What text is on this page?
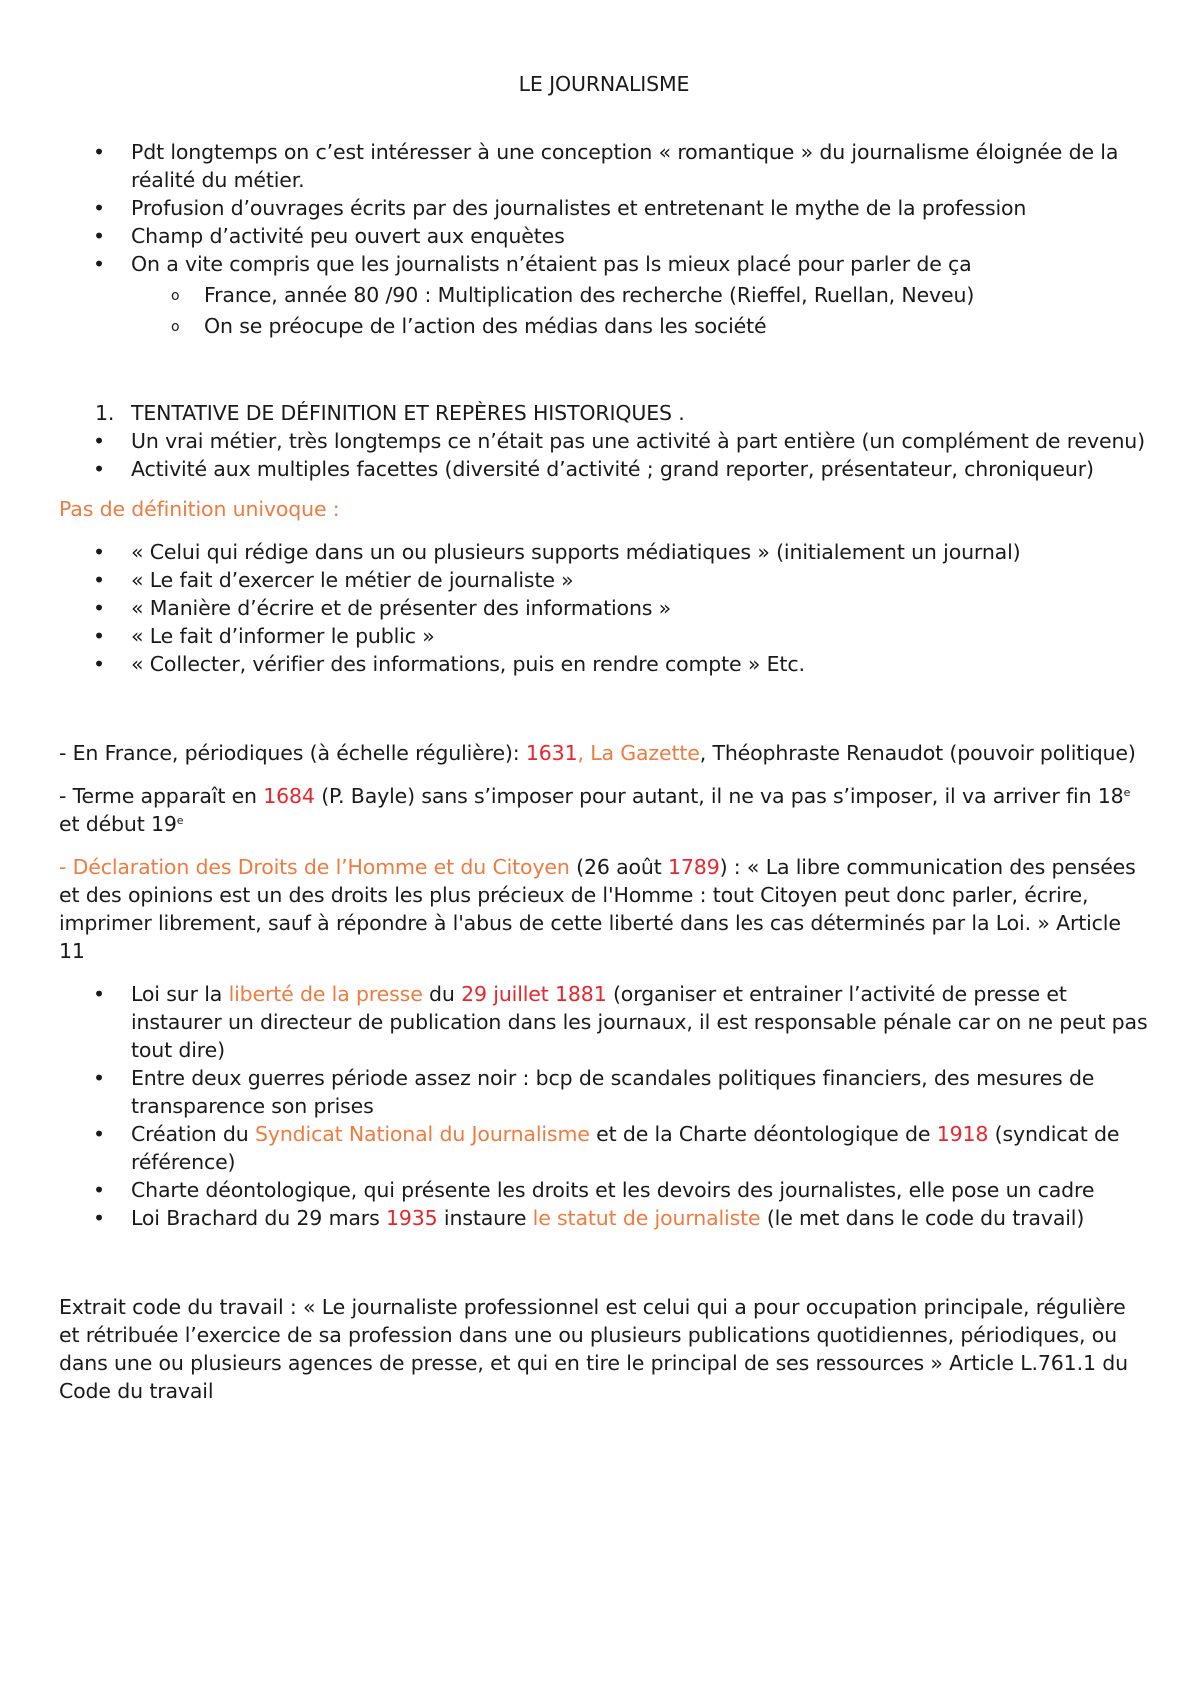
LE JOURNALISME
• Pdt longtemps on c’est intéresser à une conception « romantique » du journalisme éloignée de la réalité du métier.
• Profusion d’ouvrages écrits par des journalistes et entretenant le mythe de la profession
• Champ d’activité peu ouvert aux enquètes
• On a vite compris que les journalists n’étaient pas ls mieux placé pour parler de ça
o France, année 80 /90 : Multiplication des recherche (Rieffel, Ruellan, Neveu)
o On se préocupe de l’action des médias dans les société
1. TENTATIVE DE DÉFINITION ET REPÈRES HISTORIQUES .
• Un vrai métier, très longtemps ce n’était pas une activité à part entière (un complément de revenu)
• Activité aux multiples facettes (diversité d’activité ; grand reporter, présentateur, chroniqueur)

Pas de définition univoque :

• « Celui qui rédige dans un ou plusieurs supports médiatiques » (initialement un journal)
• « Le fait d’exercer le métier de journaliste »
• « Manière d’écrire et de présenter des informations »
• « Le fait d’informer le public »
• « Collecter, vérifier des informations, puis en rendre compte » Etc.

- En France, périodiques (à échelle régulière): 1631, La Gazette, Théophraste Renaudot (pouvoir politique)

- Terme apparaît en 1684 (P. Bayle) sans s’imposer pour autant, il ne va pas s’imposer, il va arriver fin 18e et début 19e

- Déclaration des Droits de l’Homme et du Citoyen (26 août 1789) : « La libre communication des pensées et des opinions est un des droits les plus précieux de l'Homme : tout Citoyen peut donc parler, écrire, imprimer librement, sauf à répondre à l'abus de cette liberté dans les cas déterminés par la Loi. » Article 11

• Loi sur la liberté de la presse du 29 juillet 1881 (organiser et entrainer l’activité de presse et instaurer un directeur de publication dans les journaux, il est responsable pénale car on ne peut pas tout dire)
• Entre deux guerres période assez noir : bcp de scandales politiques financiers, des mesures de transparence son prises
• Création du Syndicat National du Journalisme et de la Charte déontologique de 1918 (syndicat de référence)
• Charte déontologique, qui présente les droits et les devoirs des journalistes, elle pose un cadre
• Loi Brachard du 29 mars 1935 instaure le statut de journaliste (le met dans le code du travail)

Extrait code du travail : « Le journaliste professionnel est celui qui a pour occupation principale, régulière et rétribuée l’exercice de sa profession dans une ou plusieurs publications quotidiennes, périodiques, ou dans une ou plusieurs agences de presse, et qui en tire le principal de ses ressources » Article L.761.1 du Code du travail
